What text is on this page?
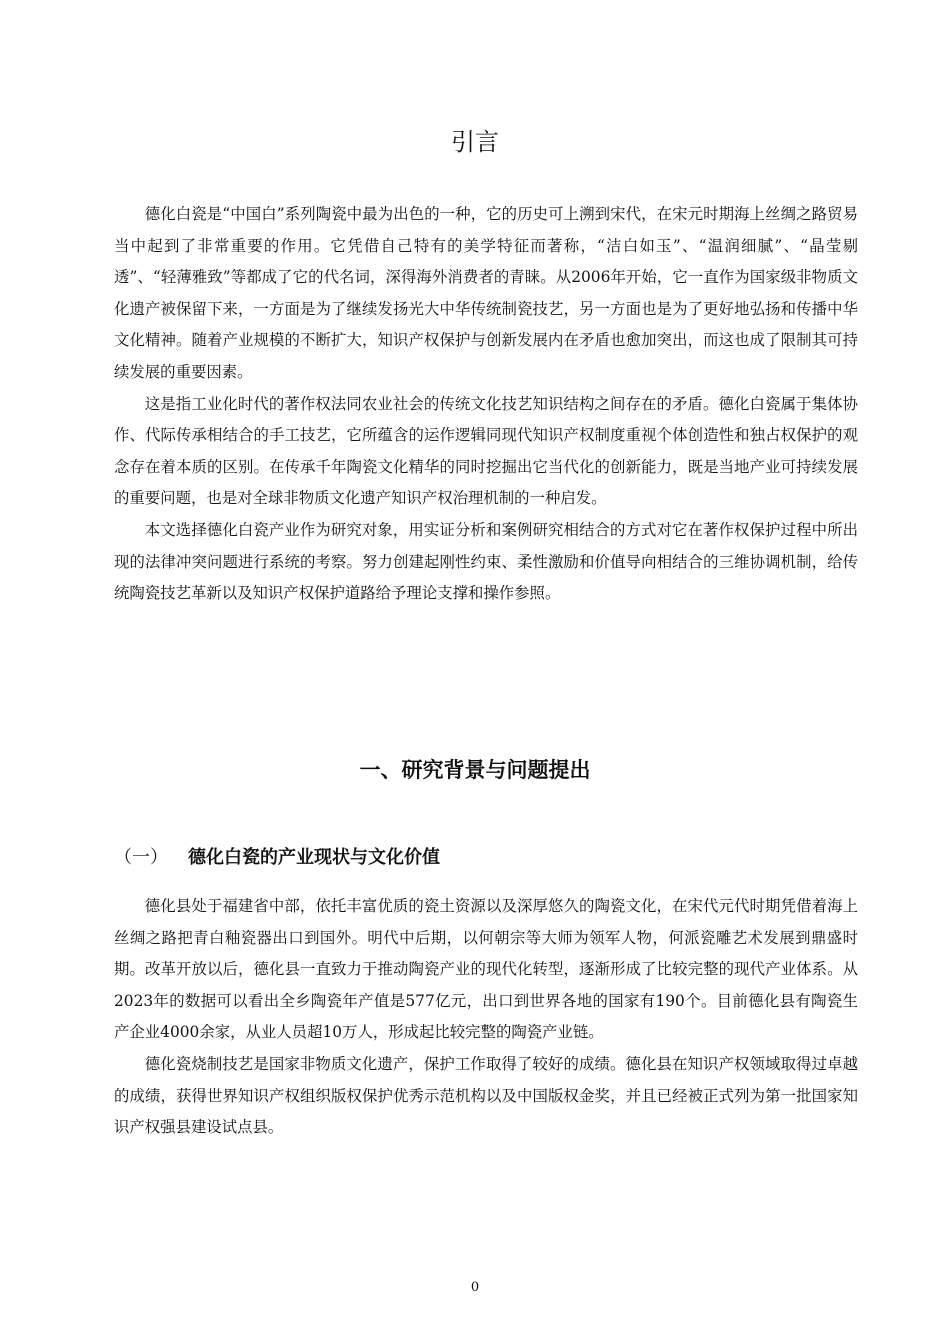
引言

德化白瓷是“中国白”系列陶瓷中最为出色的一种，它的历史可上溯到宋代，在宋元时期海上丝绸之路贸易当中起到了非常重要的作用。它凭借自己特有的美学特征而著称，“洁白如玉”、“温润细腻”、“晶莹剔透”、“轻薄雅致”等都成了它的代名词，深得海外消费者的青睐。从2006年开始，它一直作为国家级非物质文化遗产被保留下来，一方面是为了继续发扬光大中华传统制瓷技艺，另一方面也是为了更好地弘扬和传播中华文化精神。随着产业规模的不断扩大，知识产权保护与创新发展内在矛盾也愈加突出，而这也成了限制其可持续发展的重要因素。

这是指工业化时代的著作权法同农业社会的传统文化技艺知识结构之间存在的矛盾。德化白瓷属于集体协作、代际传承相结合的手工技艺，它所蕴含的运作逻辑同现代知识产权制度重视个体创造性和独占权保护的观念存在着本质的区别。在传承千年陶瓷文化精华的同时挖掘出它当代化的创新能力，既是当地产业可持续发展的重要问题，也是对全球非物质文化遗产知识产权治理机制的一种启发。

本文选择德化白瓷产业作为研究对象，用实证分析和案例研究相结合的方式对它在著作权保护过程中所出现的法律冲突问题进行系统的考察。努力创建起刚性约束、柔性激励和价值导向相结合的三维协调机制，给传统陶瓷技艺革新以及知识产权保护道路给予理论支撑和操作参照。

一、研究背景与问题提出
（一） 德化白瓷的产业现状与文化价值

德化县处于福建省中部，依托丰富优质的瓷土资源以及深厚悠久的陶瓷文化，在宋代元代时期凭借着海上丝绸之路把青白釉瓷器出口到国外。明代中后期，以何朝宗等大师为领军人物，何派瓷雕艺术发展到鼎盛时期。改革开放以后，德化县一直致力于推动陶瓷产业的现代化转型，逐渐形成了比较完整的现代产业体系。从2023年的数据可以看出全乡陶瓷年产值是577亿元，出口到世界各地的国家有190个。目前德化县有陶瓷生产企业4000余家，从业人员超10万人，形成起比较完整的陶瓷产业链。

德化瓷烧制技艺是国家非物质文化遗产，保护工作取得了较好的成绩。德化县在知识产权领域取得过卓越的成绩，获得世界知识产权组织版权保护优秀示范机构以及中国版权金奖，并且已经被正式列为第一批国家知识产权强县建设试点县。

0
